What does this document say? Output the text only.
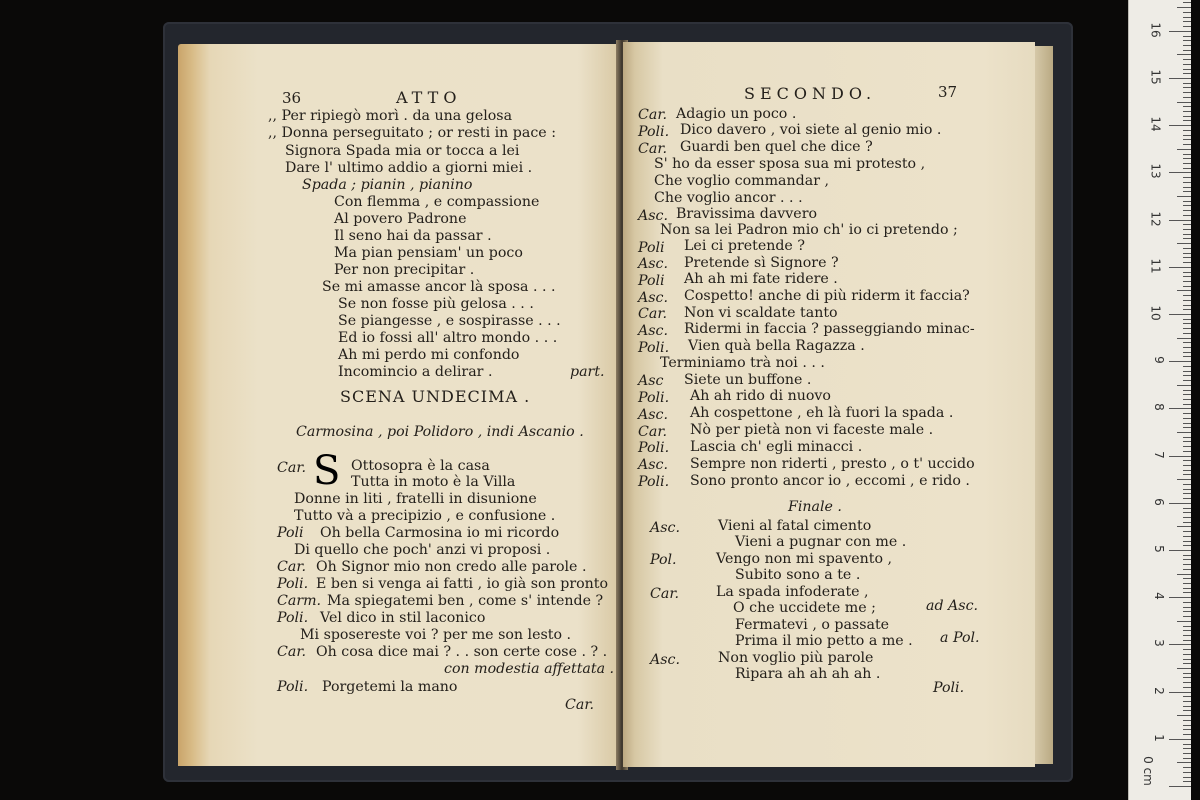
36	ATTO
,, Per ripiegò morì . da una gelosa
,, Donna perseguitato ; or resti in pace :
Signora Spada mia or tocca a lei
Dare l' ultimo addio a giorni miei .
Spada ; pianin , pianino
Con flemma , e compassione
Al povero Padrone
Il seno hai da passar .
Ma pian pensiam' un poco
Per non precipitar .
Se mi amasse ancor là sposa . . .
Se non fosse più gelosa . . .
Se piangesse , e sospirasse . . .
Ed io fossi all' altro mondo . . .
Ah mi perdo mi confondo
Incomincio a delirar .	part.
SCENA UNDECIMA .
Carmosina , poi Polidoro , indi Ascanio .
S
Car.	Ottosopra è la casa
Tutta in moto è la Villa
Donne in liti , fratelli in disunione
Tutto và a precipizio , e confusione .
Poli Oh bella Carmosina io mi ricordo
Di quello che poch' anzi vi proposi .
Car. Oh Signor mio non credo alle parole .
Poli. E ben si venga ai fatti , io già son pronto
Carm. Ma spiegatemi ben , come s' intende ?
Poli. Vel dico in stil laconico
Mi sposereste voi ? per me son lesto .
Car. Oh cosa dice mai ? . . son certe cose . ? .
con modestia affettata .
Poli. Porgetemi la mano
Car.
SECONDO.	37
Car. Adagio un poco .
Poli. Dico davero , voi siete al genio mio .
Car. Guardi ben quel che dice ?
S' ho da esser sposa sua mi protesto ,
Che voglio commandar ,
Che voglio ancor . . .
Asc. Bravissima davvero
Non sa lei Padron mio ch' io ci pretendo ;
Poli Lei ci pretende ?
Asc. Pretende sì Signore ?
Poli Ah ah mi fate ridere .
Asc. Cospetto! anche di più riderm it faccia?
Car. Non vi scaldate tanto
Asc. Ridermi in faccia ? passeggiando minac-
Poli. Vien quà bella Ragazza .
Terminiamo trà noi . . .
Asc Siete un buffone .
Poli. Ah ah rido di nuovo
Asc. Ah cospettone , eh là fuori la spada .
Car. Nò per pietà non vi faceste male .
Poli. Lascia ch' egli minacci .
Asc. Sempre non riderti , presto , o t' uccido
Poli. Sono pronto ancor io , eccomi , e rido .
Finale .
Asc.	Vieni al fatal cimento
Vieni a pugnar con me .
Pol.	Vengo non mi spavento ,
Subito sono a te .
Car.	La spada infoderate ,
O che uccidete me ;	ad Asc.
Fermatevi , o passate
Prima il mio petto a me . a Pol.
Asc.	Non voglio più parole
Ripara ah ah ah ah .
Poli.
0 cm
1
2
3
4
5
6
7
8
9
10
11
12
13
14
15
16
